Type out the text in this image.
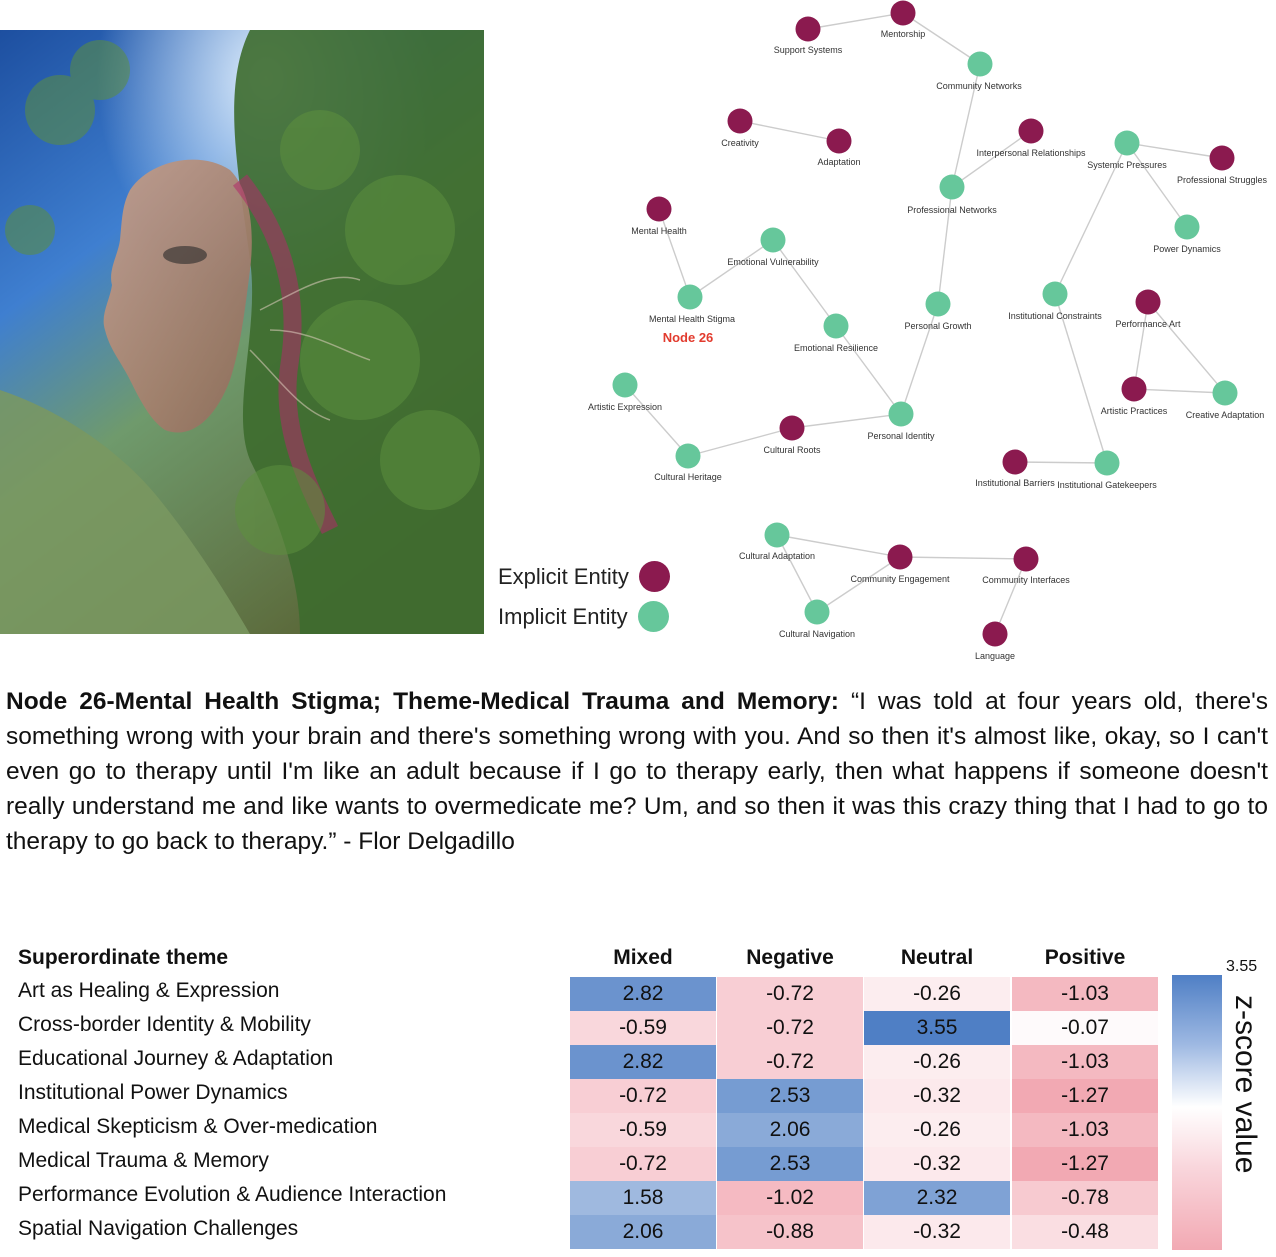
Support Systems
Mentorship
Community Networks
Creativity
Adaptation
Interpersonal Relationships
Systemic Pressures
Professional Struggles
Professional Networks
Power Dynamics
Mental Health
Emotional Vulnerability
Mental Health Stigma
Emotional Resilience
Personal Growth
Institutional Constraints
Performance Art
Artistic Expression	Artistic Practices Creative Adaptation
Personal Identity
Cultural Roots
Cultural Heritage
Institutional Barriers Institutional Gatekeepers
Cultural Adaptation
Community Engagement	Community Interfaces
Cultural Navigation
Language
Node 26
Explicit Entity
Implicit Entity
Node 26-Mental Health Stigma; Theme-Medical Trauma and Memory: “I was told at four years old, there's something wrong with your brain and there's something wrong with you. And so then it's almost like, okay, so I can't even go to therapy until I'm like an adult because if I go to therapy early, then what happens if someone doesn't really understand me and like wants to overmedicate me? Um, and so then it was this crazy thing that I had to go to therapy to go back to therapy.” - Flor Delgadillo
Superordinate theme	Mixed	Negative	Neutral	Positive
Art as Healing & Expression	2.82	-0.72	-0.26	-1.03
Cross-border Identity & Mobility	-0.59	-0.72	3.55	-0.07
Educational Journey & Adaptation	2.82	-0.72	-0.26	-1.03
Institutional Power Dynamics	-0.72	2.53	-0.32	-1.27
Medical Skepticism & Over-medication	-0.59	2.06	-0.26	-1.03
Medical Trauma & Memory	-0.72	2.53	-0.32	-1.27
Performance Evolution & Audience Interaction	1.58	-1.02	2.32	-0.78
Spatial Navigation Challenges	2.06	-0.88	-0.32	-0.48
3.55
z-score value
